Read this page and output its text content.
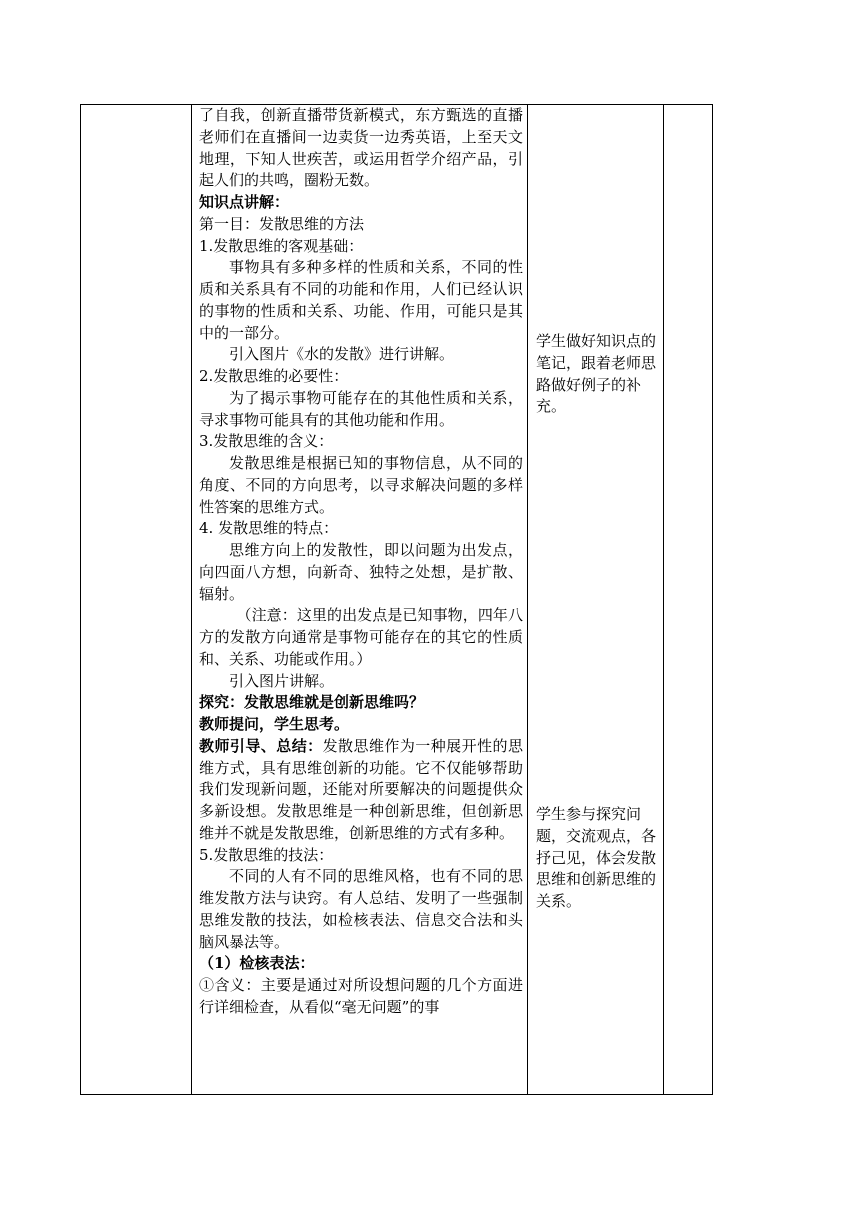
了自我，创新直播带货新模式，东方甄选的直播老师们在直播间一边卖货一边秀英语，上至天文地理，下知人世疾苦，或运用哲学介绍产品，引起人们的共鸣，圈粉无数。

知识点讲解：

第一目：发散思维的方法

1.发散思维的客观基础：

事物具有多种多样的性质和关系，不同的性质和关系具有不同的功能和作用，人们已经认识的事物的性质和关系、功能、作用，可能只是其中的一部分。

引入图片《水的发散》进行讲解。

2.发散思维的必要性：

为了揭示事物可能存在的其他性质和关系，寻求事物可能具有的其他功能和作用。

3.发散思维的含义：

发散思维是根据已知的事物信息，从不同的角度、不同的方向思考，以寻求解决问题的多样性答案的思维方式。

4. 发散思维的特点：

思维方向上的发散性，即以问题为出发点，向四面八方想，向新奇、独特之处想，是扩散、辐射。

（注意：这里的出发点是已知事物，四年八方的发散方向通常是事物可能存在的其它的性质和、关系、功能或作用。）

引入图片讲解。

探究：发散思维就是创新思维吗？

教师提问，学生思考。

教师引导、总结：发散思维作为一种展开性的思维方式，具有思维创新的功能。它不仅能够帮助我们发现新问题，还能对所要解决的问题提供众多新设想。发散思维是一种创新思维，但创新思维并不就是发散思维，创新思维的方式有多种。

5.发散思维的技法：

不同的人有不同的思维风格，也有不同的思维发散方法与诀窍。有人总结、发明了一些强制思维发散的技法，如检核表法、信息交合法和头脑风暴法等。

（1）检核表法：

①含义：主要是通过对所设想问题的几个方面进行详细检查，从看似“毫无问题”的事

学生做好知识点的笔记，跟着老师思路做好例子的补充。
学生参与探究问题，交流观点，各抒己见，体会发散思维和创新思维的关系。
